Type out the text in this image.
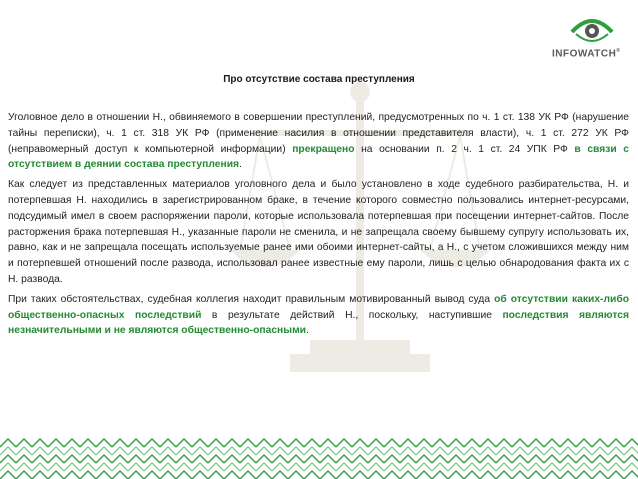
INFOWATCH®
Про отсутствие состава преступления

Уголовное дело в отношении Н., обвиняемого в совершении преступлений, предусмотренных по ч. 1 ст. 138 УК РФ (нарушение тайны переписки), ч. 1 ст. 318 УК РФ (применение насилия в отношении представителя власти), ч. 1 ст. 272 УК РФ (неправомерный доступ к компьютерной информации) прекращено на основании п. 2 ч. 1 ст. 24 УПК РФ в связи с отсутствием в деянии состава преступления.

Как следует из представленных материалов уголовного дела и было установлено в ходе судебного разбирательства, Н. и потерпевшая Н. находились в зарегистрированном браке, в течение которого совместно пользовались интернет-ресурсами, подсудимый имел в своем распоряжении пароли, которые использовала потерпевшая при посещении интернет-сайтов. После расторжения брака потерпевшая Н., указанные пароли не сменила, и не запрещала своему бывшему супругу использовать их, равно, как и не запрещала посещать используемые ранее ими обоими интернет-сайты, а Н., с учетом сложившихся между ним и потерпевшей отношений после развода, использовал ранее известные ему пароли, лишь с целью обнародования факта их с Н. развода.

При таких обстоятельствах, судебная коллегия находит правильным мотивированный вывод суда об отсутствии каких-либо общественно-опасных последствий в результате действий Н., поскольку, наступившие последствия являются незначительными и не являются общественно-опасными.
